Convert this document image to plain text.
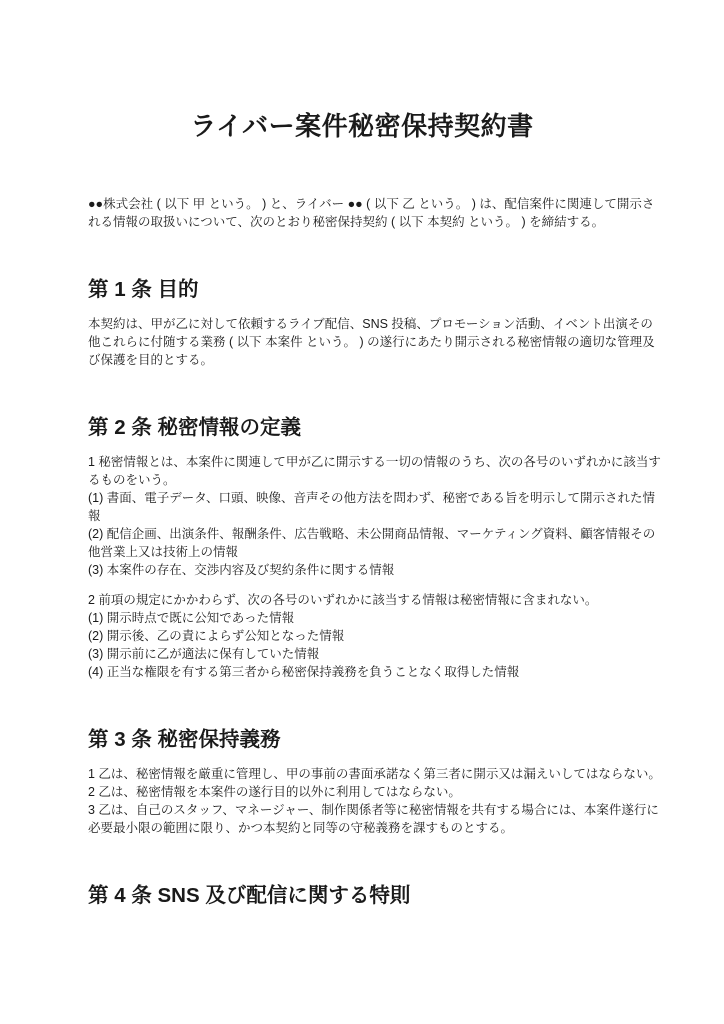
ライバー案件秘密保持契約書

●●株式会社 ( 以下 甲 という。 ) と、ライバー ●● ( 以下 乙 という。 ) は、配信案件に関連して開示される情報の取扱いについて、次のとおり秘密保持契約 ( 以下 本契約 という。 ) を締結する。

第 1 条 目的

本契約は、甲が乙に対して依頼するライブ配信、SNS 投稿、プロモーション活動、イベント出演その他これらに付随する業務 ( 以下 本案件 という。 ) の遂行にあたり開示される秘密情報の適切な管理及び保護を目的とする。

第 2 条 秘密情報の定義

1 秘密情報とは、本案件に関連して甲が乙に開示する一切の情報のうち、次の各号のいずれかに該当するものをいう。
(1) 書面、電子データ、口頭、映像、音声その他方法を問わず、秘密である旨を明示して開示された情報
(2) 配信企画、出演条件、報酬条件、広告戦略、未公開商品情報、マーケティング資料、顧客情報その他営業上又は技術上の情報
(3) 本案件の存在、交渉内容及び契約条件に関する情報

2 前項の規定にかかわらず、次の各号のいずれかに該当する情報は秘密情報に含まれない。
(1) 開示時点で既に公知であった情報
(2) 開示後、乙の責によらず公知となった情報
(3) 開示前に乙が適法に保有していた情報
(4) 正当な権限を有する第三者から秘密保持義務を負うことなく取得した情報

第 3 条 秘密保持義務

1 乙は、秘密情報を厳重に管理し、甲の事前の書面承諾なく第三者に開示又は漏えいしてはならない。
2 乙は、秘密情報を本案件の遂行目的以外に利用してはならない。
3 乙は、自己のスタッフ、マネージャー、制作関係者等に秘密情報を共有する場合には、本案件遂行に必要最小限の範囲に限り、かつ本契約と同等の守秘義務を課すものとする。

第 4 条 SNS 及び配信に関する特則
